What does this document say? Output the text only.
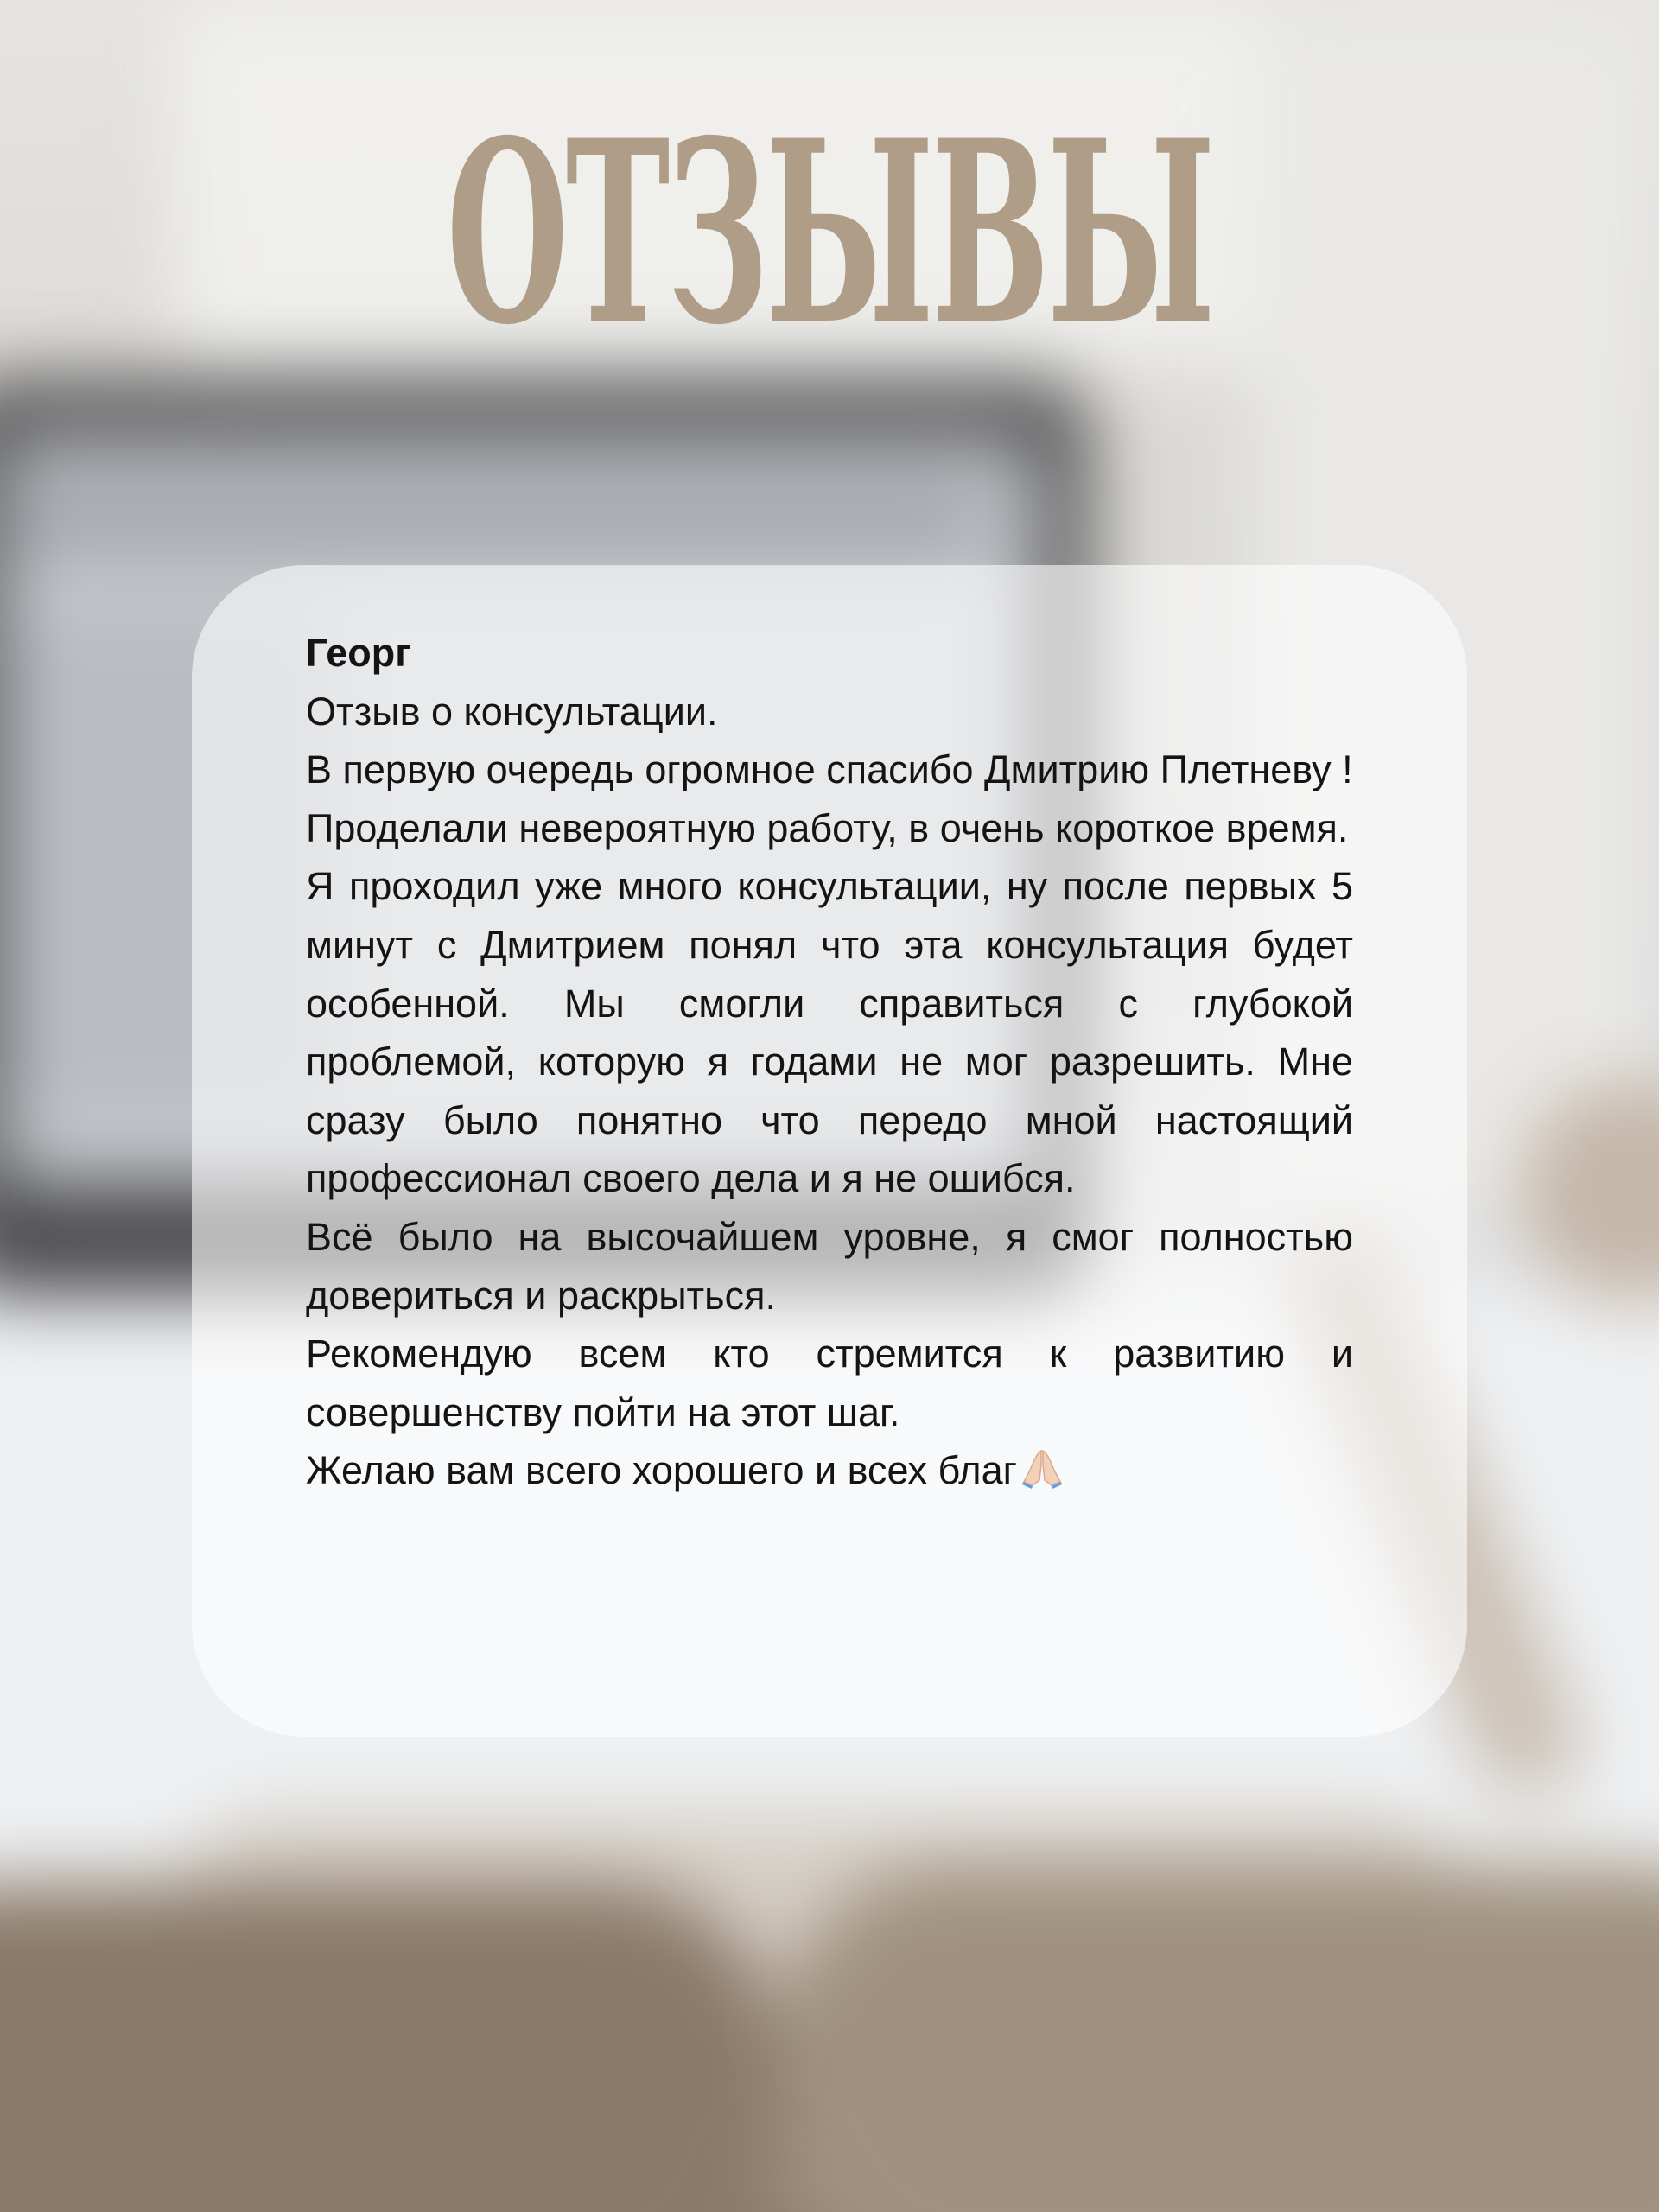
ОТЗЫВЫ

Георг

Отзыв о консультации.

В первую очередь огромное спасибо Дмитрию Плетневу !

Проделали невероятную работу, в очень короткое время.

Я проходил уже много консультации, ну после первых 5 минут с Дмитрием понял что эта консультация будет особенной. Мы смогли справиться с глубокой проблемой, которую я годами не мог разрешить. Мне сразу было понятно что передо мной настоящий профессионал своего дела и я не ошибся.

Всё было на высочайшем уровне, я смог полностью довериться и раскрыться.

Рекомендую всем кто стремится к развитию и совершенству пойти на этот шаг.

Желаю вам всего хорошего и всех благ
